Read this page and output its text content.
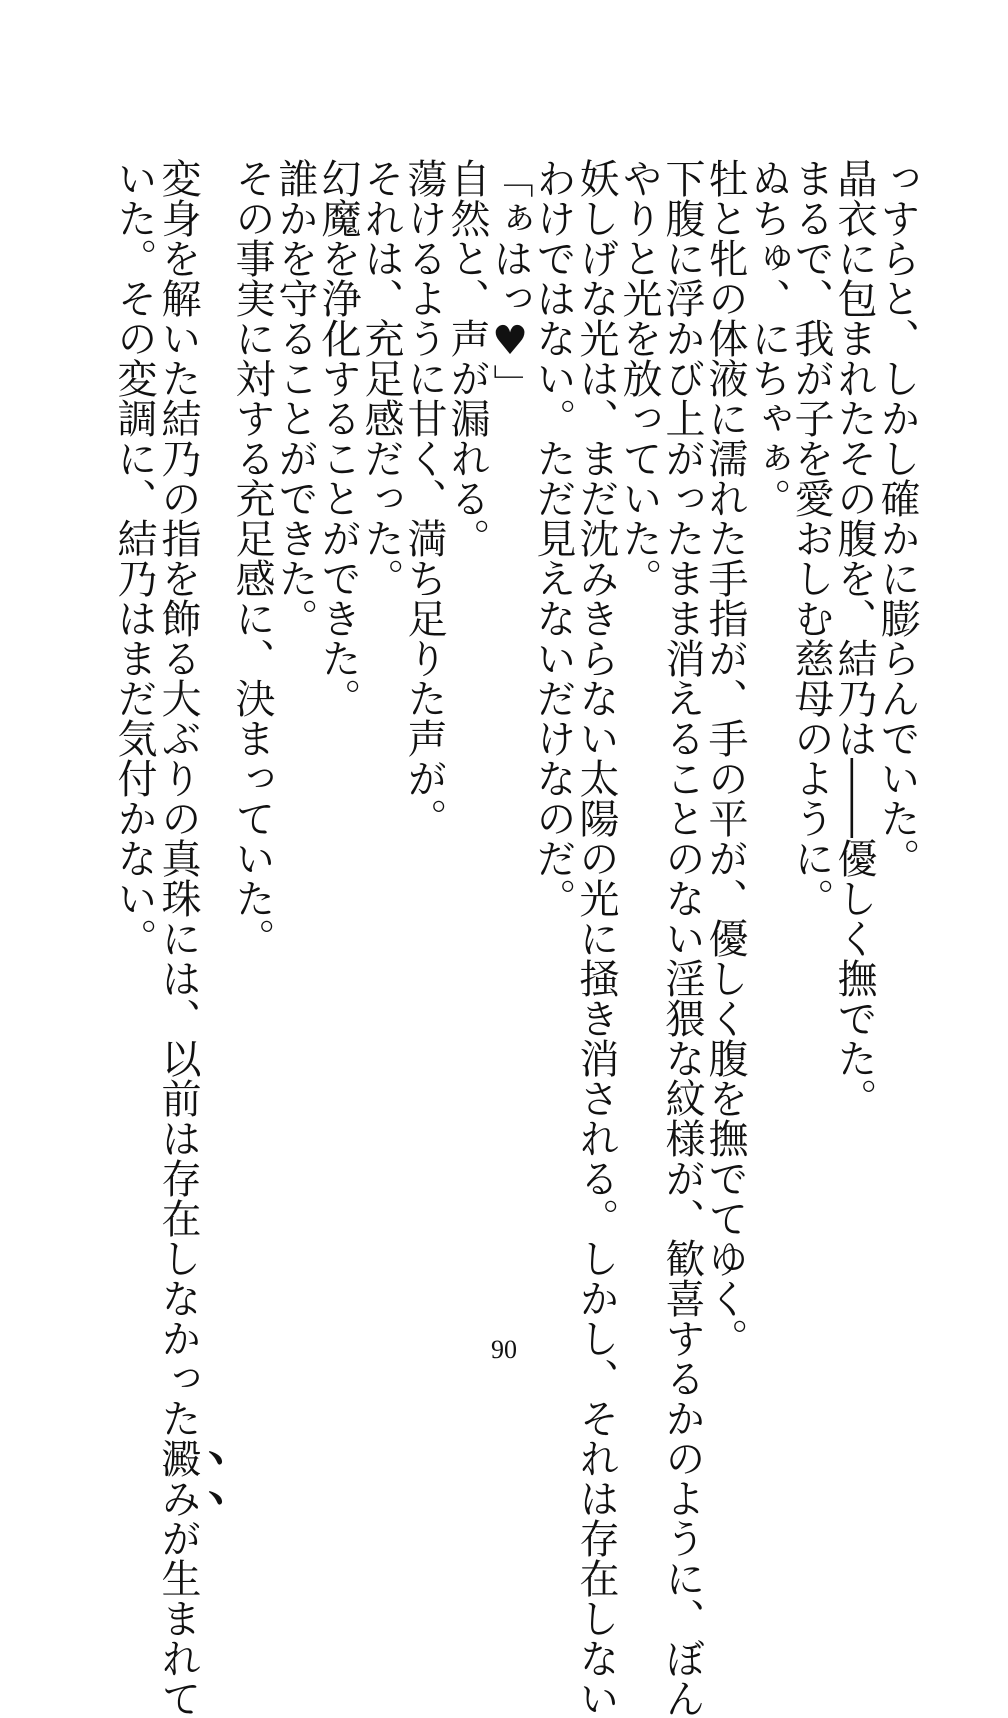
っすらと、しかし確かに膨らんでいた。
晶衣に包まれたその腹を、結乃は――優しく撫でた。
まるで、我が子を愛おしむ慈母のように。
ぬちゅ、にちゃぁ。
牡と牝の体液に濡れた手指が、手の平が、優しく腹を撫でてゆく。
下腹に浮かび上がったまま消えることのない淫猥な紋様が、歓喜するかのように、ぼん
やりと光を放っていた。
妖しげな光は、まだ沈みきらない太陽の光に掻き消される。しかし、それは存在しない
わけではない。ただ見えないだけなのだ。
「ぁはっ♥」
自然と、声が漏れる。
蕩けるように甘く、満ち足りた声が。
それは、充足感だった。
幻魔を浄化することができた。
誰かを守ることができた。
その事実に対する充足感に、決まっていた。
変身を解いた結乃の指を飾る大ぶりの真珠には、以前は存在しなかった澱みが生まれて
いた。その変調に、結乃はまだ気付かない。
90
